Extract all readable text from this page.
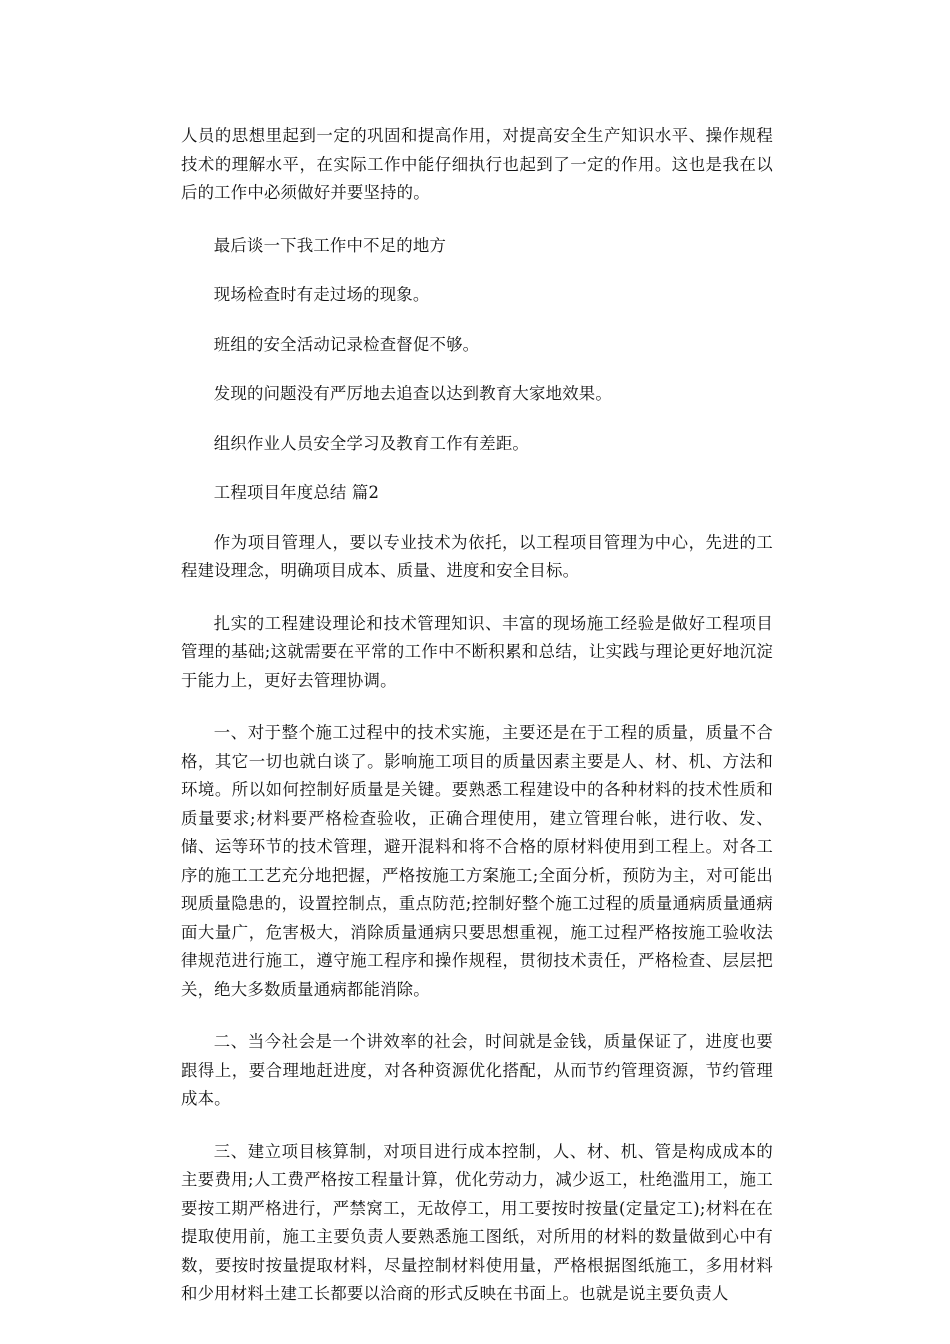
人员的思想里起到一定的巩固和提高作用，对提高安全生产知识水平、操作规程技术的理解水平，在实际工作中能仔细执行也起到了一定的作用。这也是我在以后的工作中必须做好并要坚持的。

最后谈一下我工作中不足的地方

现场检查时有走过场的现象。

班组的安全活动记录检查督促不够。

发现的问题没有严厉地去追查以达到教育大家地效果。

组织作业人员安全学习及教育工作有差距。

工程项目年度总结 篇2

作为项目管理人，要以专业技术为依托，以工程项目管理为中心，先进的工程建设理念，明确项目成本、质量、进度和安全目标。

扎实的工程建设理论和技术管理知识、丰富的现场施工经验是做好工程项目管理的基础;这就需要在平常的工作中不断积累和总结，让实践与理论更好地沉淀于能力上，更好去管理协调。

一、对于整个施工过程中的技术实施，主要还是在于工程的质量，质量不合格，其它一切也就白谈了。影响施工项目的质量因素主要是人、材、机、方法和环境。所以如何控制好质量是关键。要熟悉工程建设中的各种材料的技术性质和质量要求;材料要严格检查验收，正确合理使用，建立管理台帐，进行收、发、储、运等环节的技术管理，避开混料和将不合格的原材料使用到工程上。对各工序的施工工艺充分地把握，严格按施工方案施工;全面分析，预防为主，对可能出现质量隐患的，设置控制点，重点防范;控制好整个施工过程的质量通病质量通病面大量广，危害极大，消除质量通病只要思想重视，施工过程严格按施工验收法律规范进行施工，遵守施工程序和操作规程，贯彻技术责任，严格检查、层层把关，绝大多数质量通病都能消除。

二、当今社会是一个讲效率的社会，时间就是金钱，质量保证了，进度也要跟得上，要合理地赶进度，对各种资源优化搭配，从而节约管理资源，节约管理成本。

三、建立项目核算制，对项目进行成本控制，人、材、机、管是构成成本的主要费用;人工费严格按工程量计算，优化劳动力，减少返工，杜绝滥用工，施工要按工期严格进行，严禁窝工，无故停工，用工要按时按量(定量定工);材料在在提取使用前，施工主要负责人要熟悉施工图纸，对所用的材料的数量做到心中有数，要按时按量提取材料，尽量控制材料使用量，严格根据图纸施工，多用材料和少用材料土建工长都要以洽商的形式反映在书面上。也就是说主要负责人
